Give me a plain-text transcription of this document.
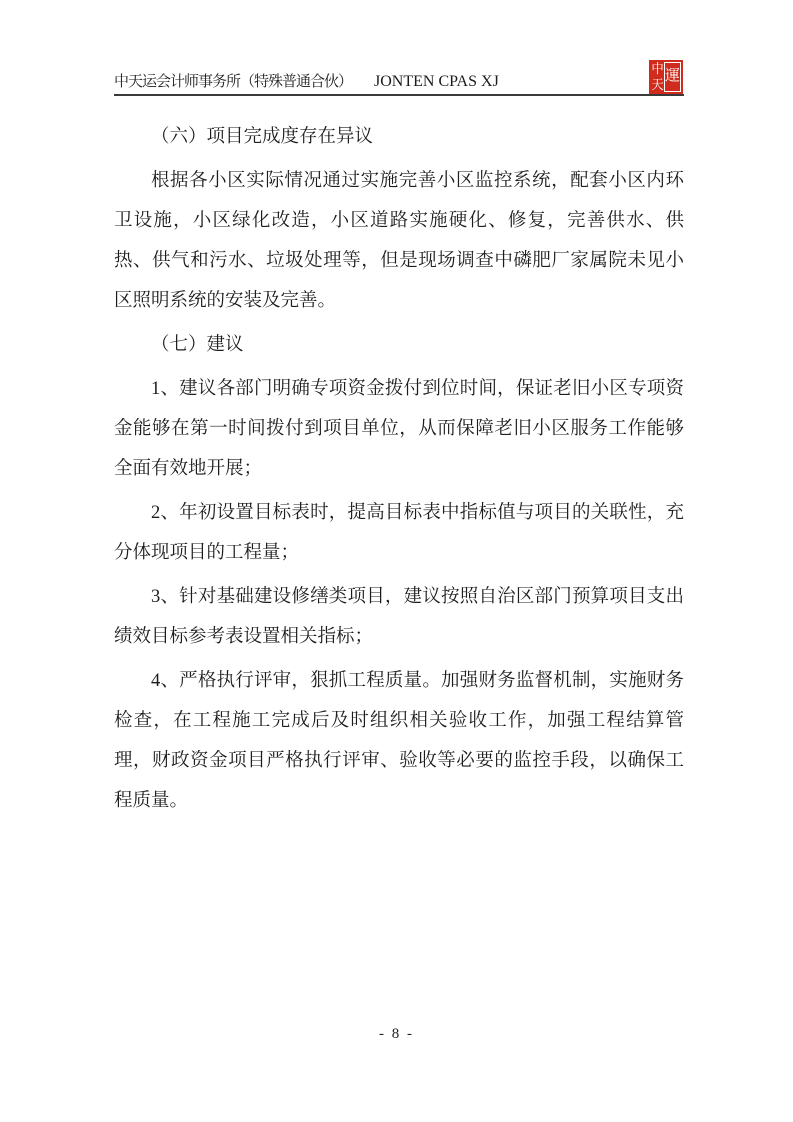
中天运会计师事务所（特殊普通合伙） JONTEN CPAS XJ
中
天
運

（六）项目完成度存在异议

根据各小区实际情况通过实施完善小区监控系统，配套小区内环卫设施，小区绿化改造，小区道路实施硬化、修复，完善供水、供热、供气和污水、垃圾处理等，但是现场调查中磷肥厂家属院未见小区照明系统的安装及完善。

（七）建议

1、建议各部门明确专项资金拨付到位时间，保证老旧小区专项资金能够在第一时间拨付到项目单位，从而保障老旧小区服务工作能够全面有效地开展；

2、年初设置目标表时，提高目标表中指标值与项目的关联性，充分体现项目的工程量；

3、针对基础建设修缮类项目，建议按照自治区部门预算项目支出绩效目标参考表设置相关指标；

4、严格执行评审，狠抓工程质量。加强财务监督机制，实施财务检查，在工程施工完成后及时组织相关验收工作，加强工程结算管理，财政资金项目严格执行评审、验收等必要的监控手段，以确保工程质量。

- 8 -
